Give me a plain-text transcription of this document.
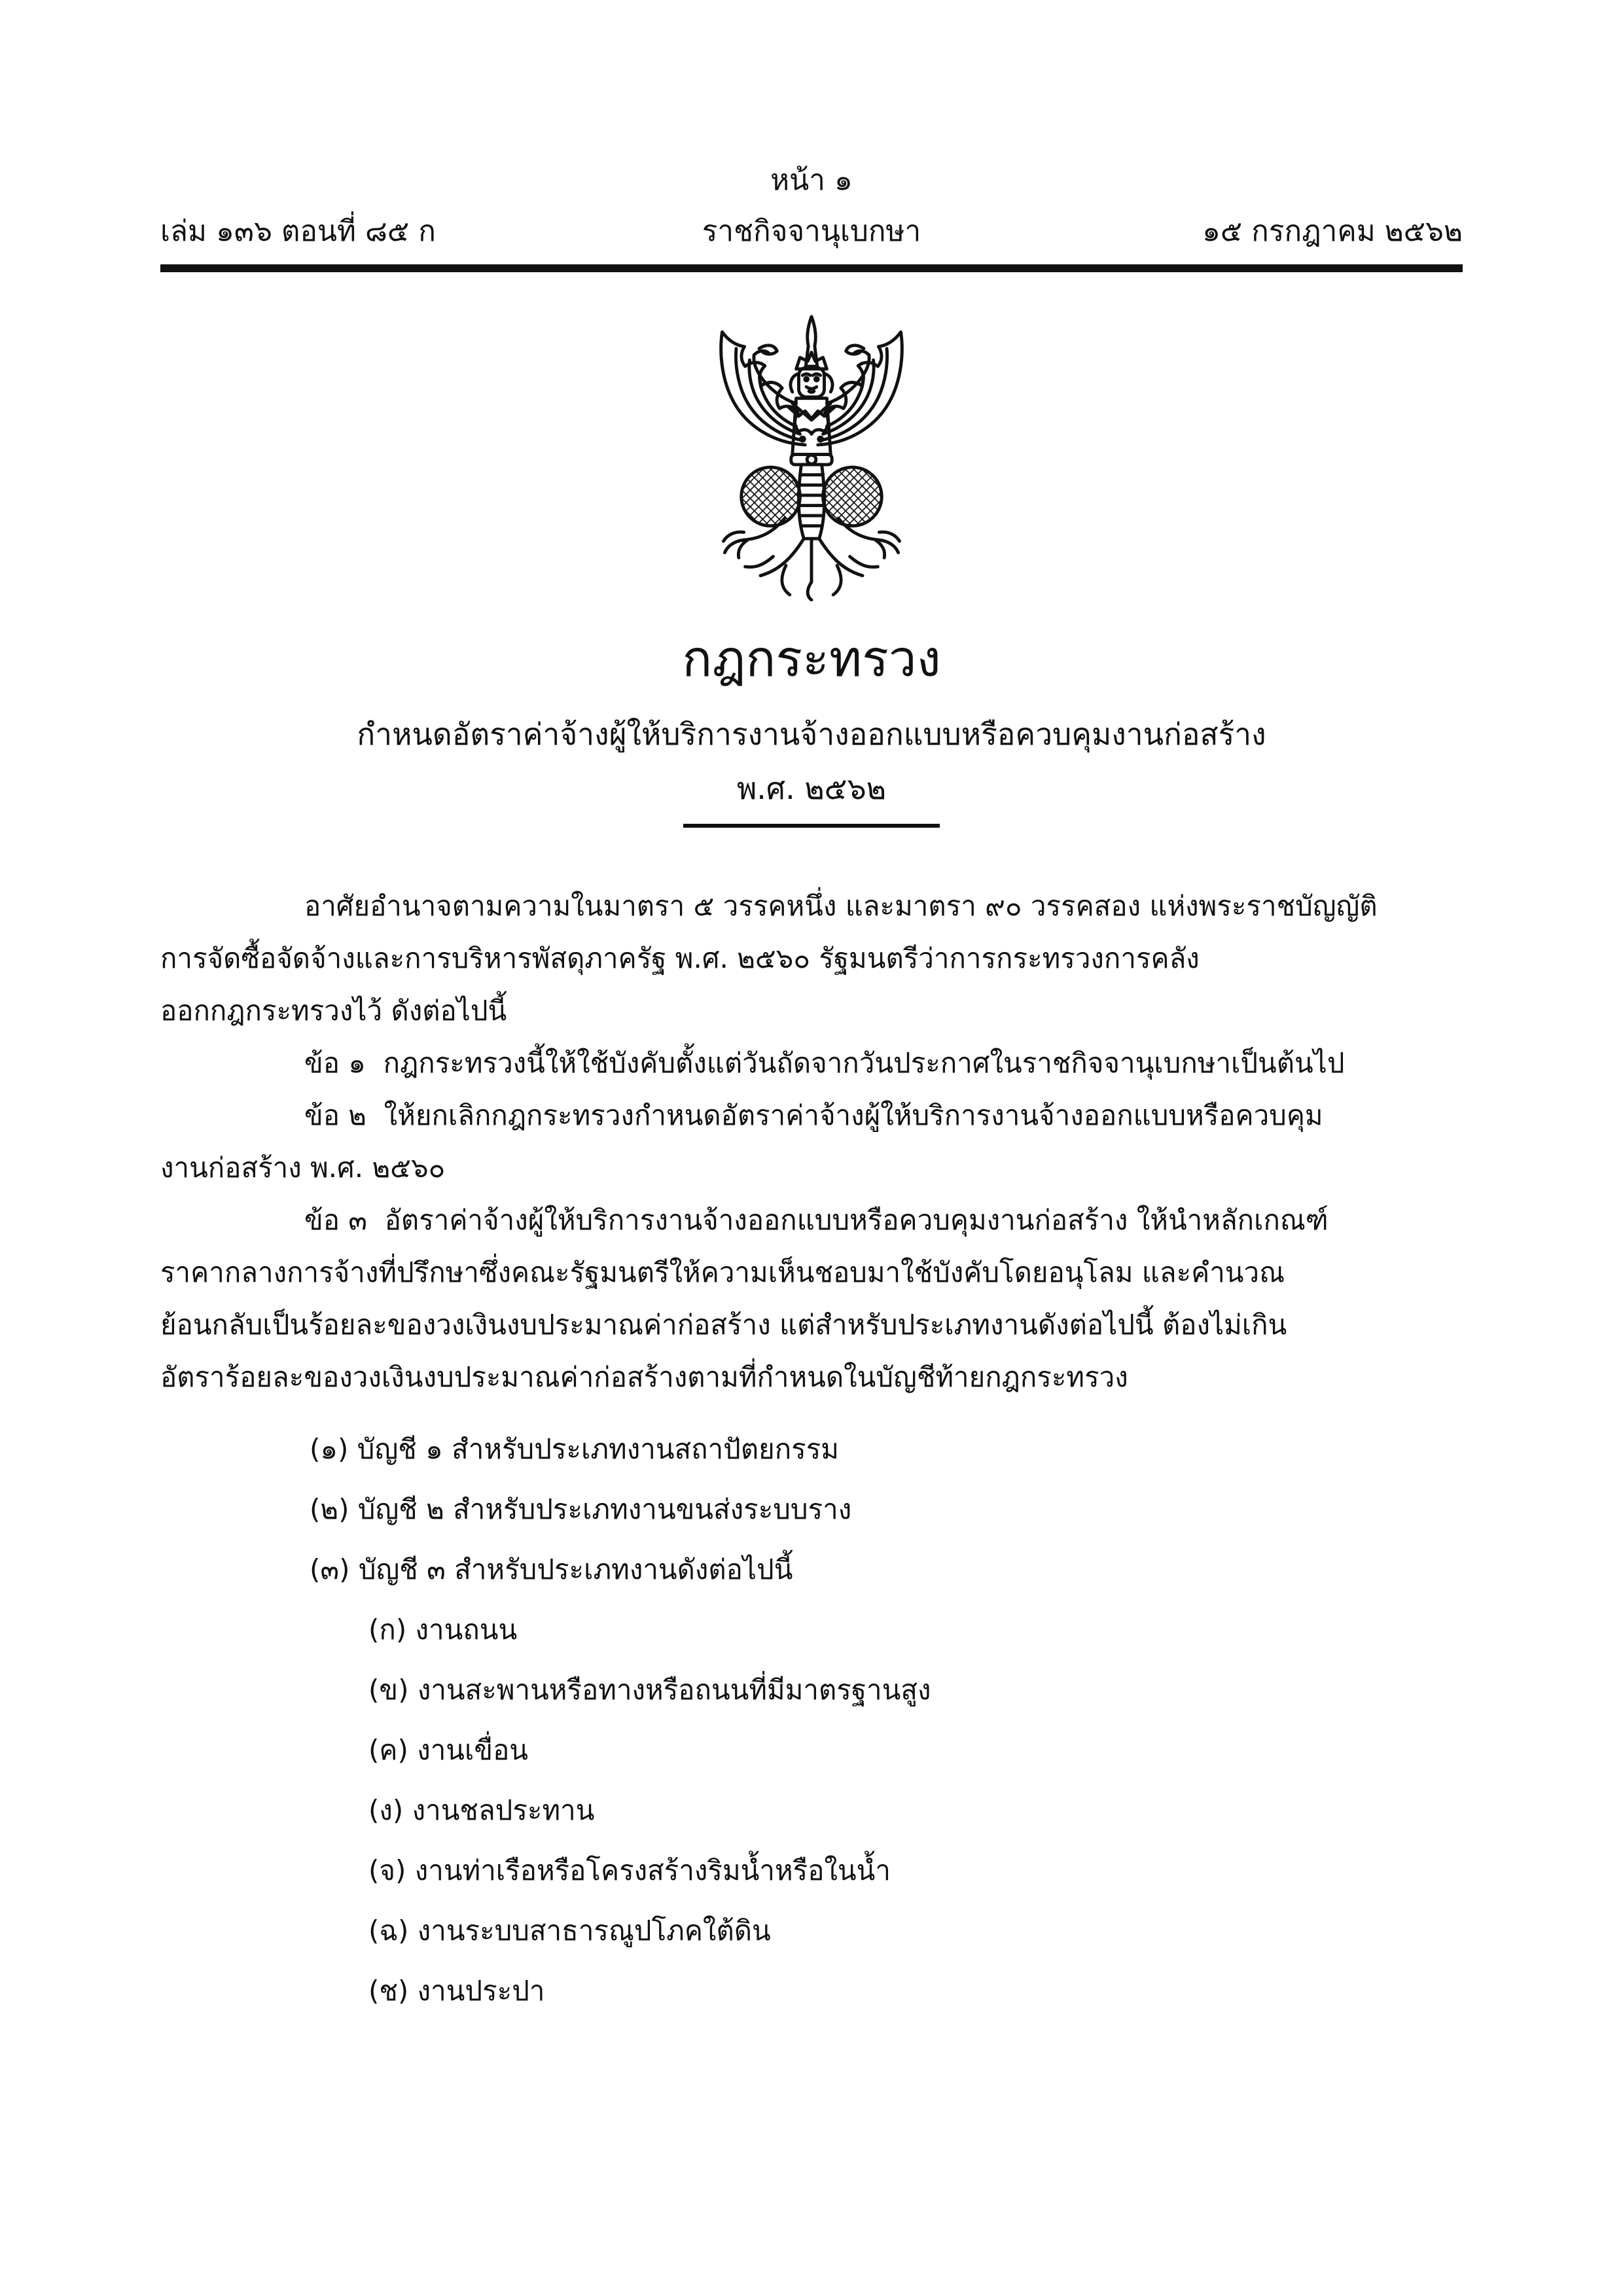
หน้า ๑
เล่ม ๑๓๖ ตอนที่ ๘๕ ก	ราชกิจจานุเบกษา	๑๕ กรกฎาคม ๒๕๖๒
กฎกระทรวง
กำหนดอัตราค่าจ้างผู้ให้บริการงานจ้างออกแบบหรือควบคุมงานก่อสร้าง
พ.ศ. ๒๕๖๒

อาศัยอำนาจตามความในมาตรา ๕ วรรคหนึ่ง และมาตรา ๙๐ วรรคสอง แห่งพระราชบัญญัติ

การจัดซื้อจัดจ้างและการบริหารพัสดุภาครัฐ พ.ศ. ๒๕๖๐ รัฐมนตรีว่าการกระทรวงการคลัง

ออกกฎกระทรวงไว้ ดังต่อไปนี้

ข้อ ๑  กฎกระทรวงนี้ให้ใช้บังคับตั้งแต่วันถัดจากวันประกาศในราชกิจจานุเบกษาเป็นต้นไป

ข้อ ๒  ให้ยกเลิกกฎกระทรวงกำหนดอัตราค่าจ้างผู้ให้บริการงานจ้างออกแบบหรือควบคุม

งานก่อสร้าง พ.ศ. ๒๕๖๐

ข้อ ๓  อัตราค่าจ้างผู้ให้บริการงานจ้างออกแบบหรือควบคุมงานก่อสร้าง ให้นำหลักเกณฑ์

ราคากลางการจ้างที่ปรึกษาซึ่งคณะรัฐมนตรีให้ความเห็นชอบมาใช้บังคับโดยอนุโลม และคำนวณ

ย้อนกลับเป็นร้อยละของวงเงินงบประมาณค่าก่อสร้าง แต่สำหรับประเภทงานดังต่อไปนี้ ต้องไม่เกิน

อัตราร้อยละของวงเงินงบประมาณค่าก่อสร้างตามที่กำหนดในบัญชีท้ายกฎกระทรวง

(๑) บัญชี ๑ สำหรับประเภทงานสถาปัตยกรรม

(๒) บัญชี ๒ สำหรับประเภทงานขนส่งระบบราง

(๓) บัญชี ๓ สำหรับประเภทงานดังต่อไปนี้

(ก) งานถนน

(ข) งานสะพานหรือทางหรือถนนที่มีมาตรฐานสูง

(ค) งานเขื่อน

(ง) งานชลประทาน

(จ) งานท่าเรือหรือโครงสร้างริมน้ำหรือในน้ำ

(ฉ) งานระบบสาธารณูปโภคใต้ดิน

(ช) งานประปา
